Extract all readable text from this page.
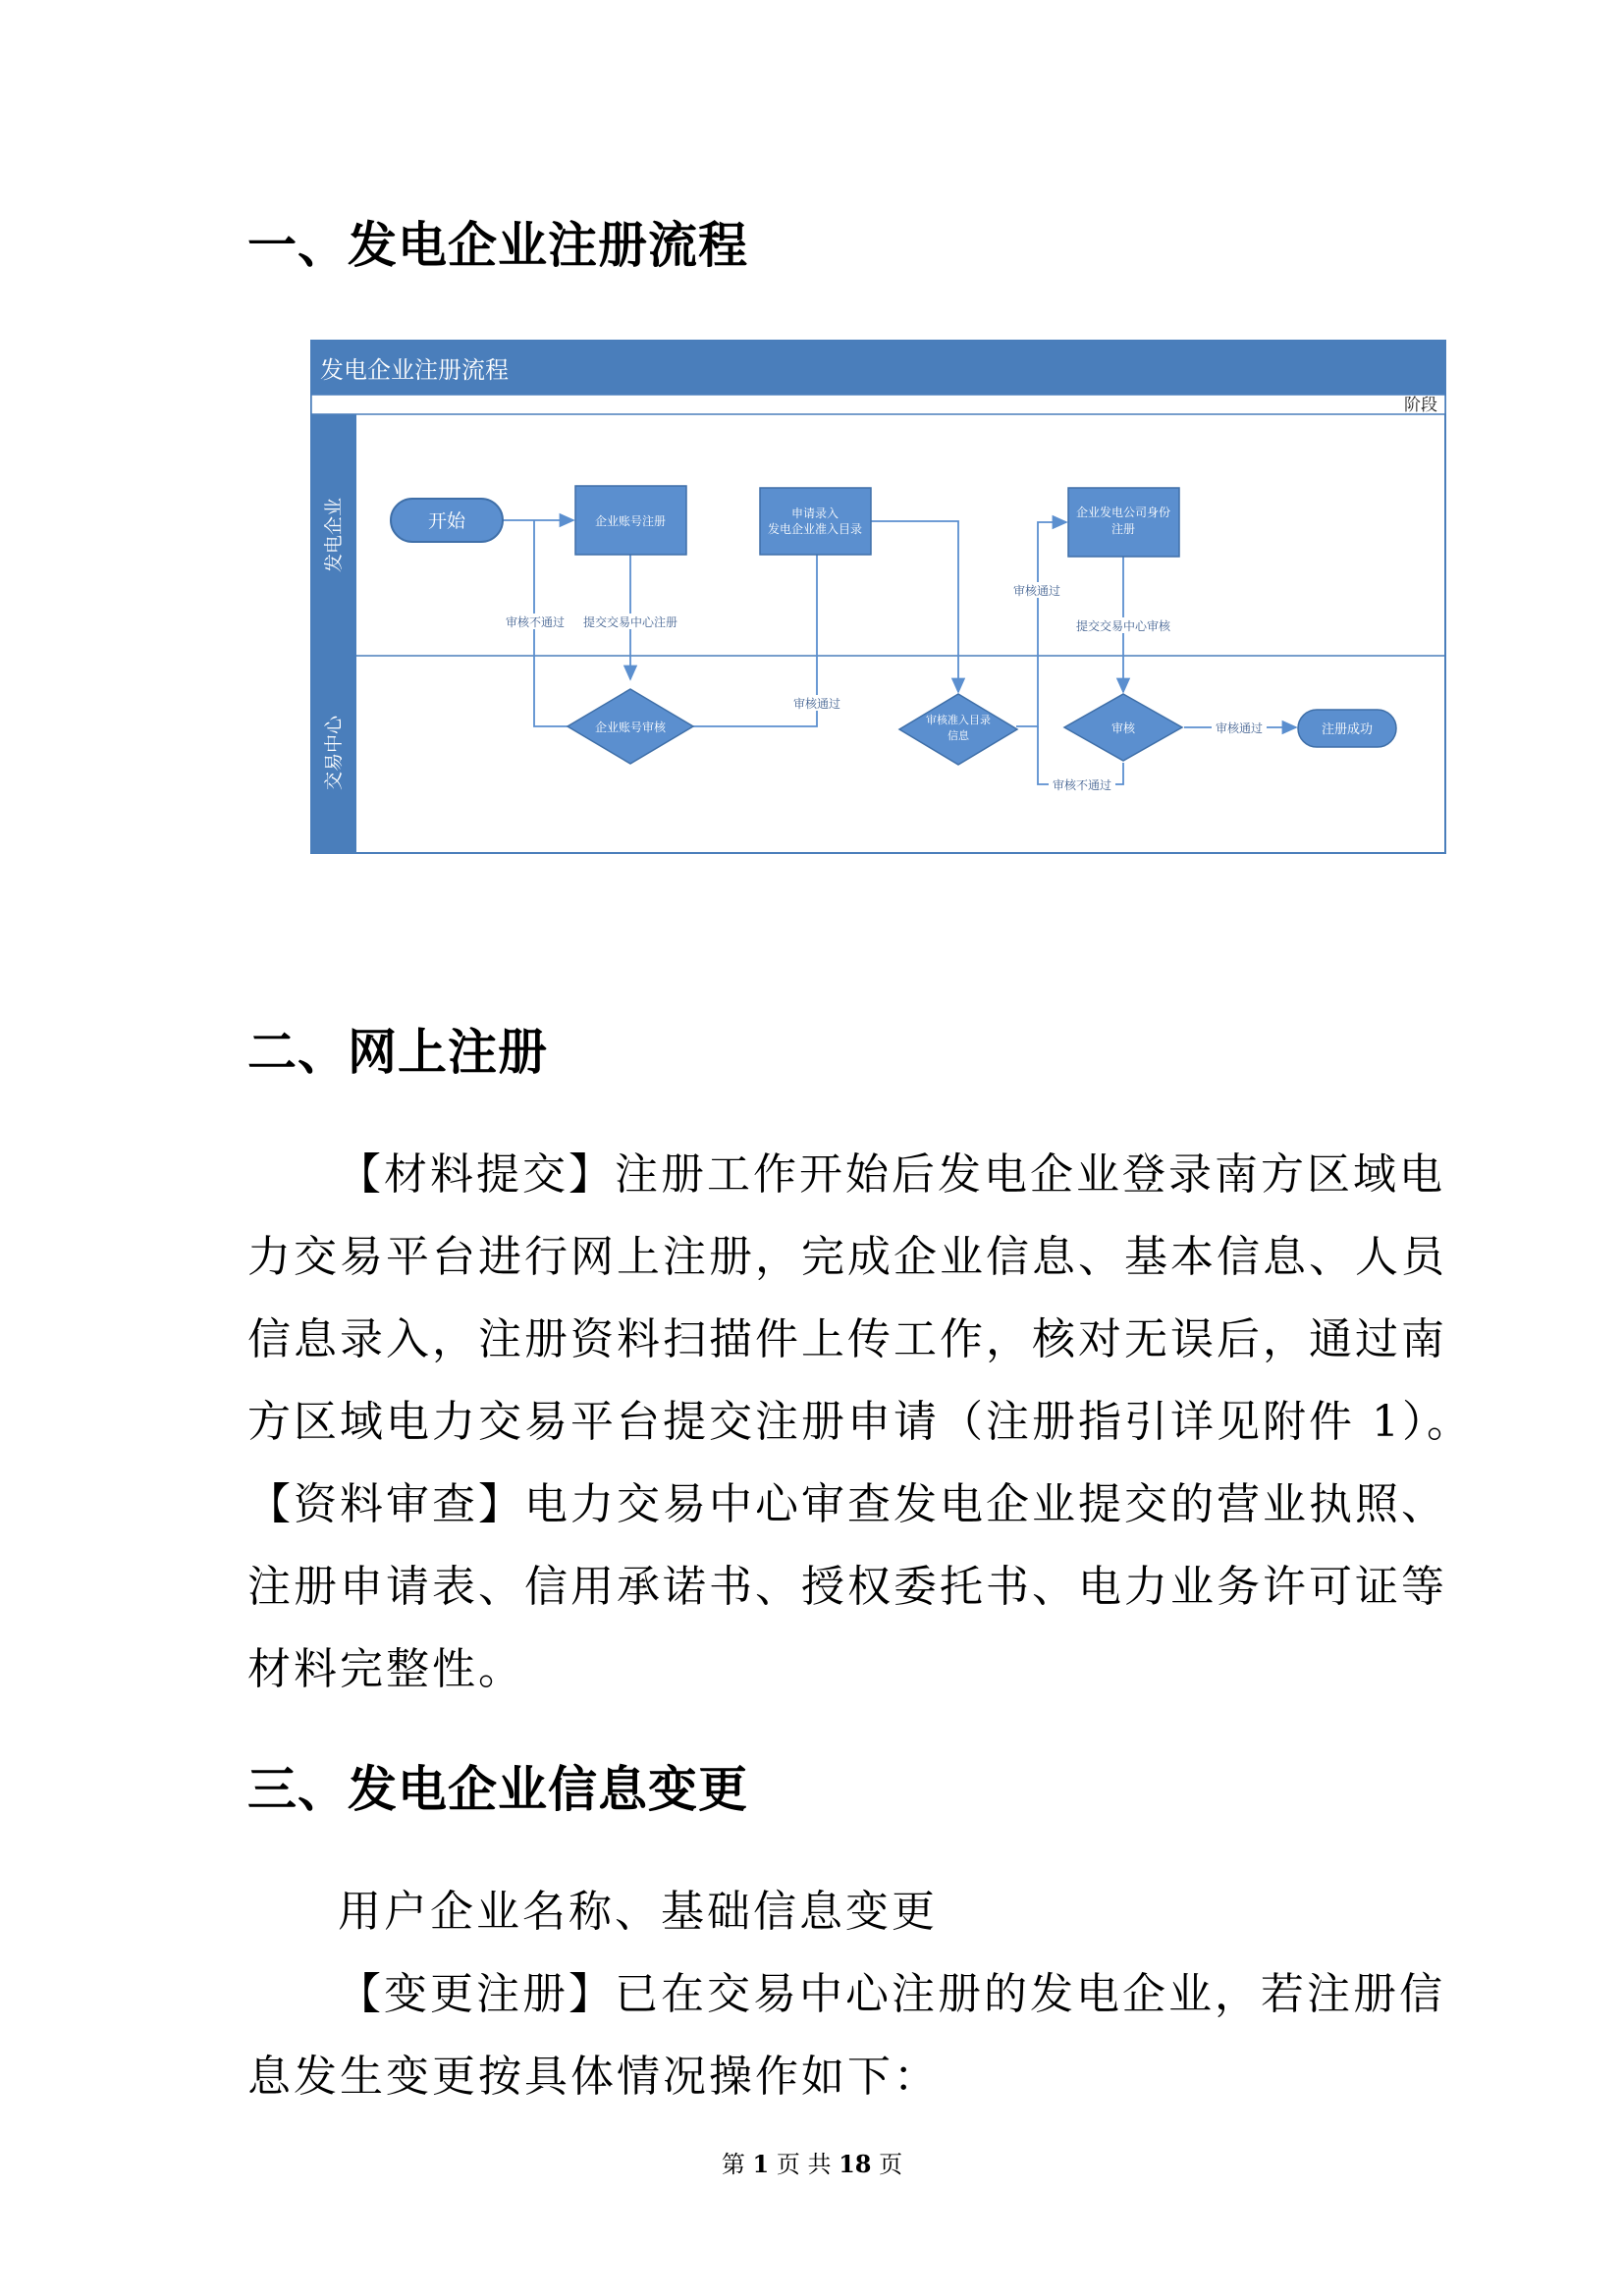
一、发电企业注册流程
发电企业注册流程
阶段
发电企业
交易中心
开始	企业账号注册
申请录入
发电企业准入目录
企业发电公司身份
注册
企业账号审核
审核准入目录
信息
审核	注册成功
审核不通过 提交交易中心注册
审核通过
审核通过
提交交易中心审核
审核通过
审核不通过
二、网上注册

【材料提交】注册工作开始后发电企业登录南方区域电

力交易平台进行网上注册，完成企业信息、基本信息、人员

信息录入，注册资料扫描件上传工作，核对无误后，通过南

方区域电力交易平台提交注册申请（注册指引详见附件 1）。

【资料审查】电力交易中心审查发电企业提交的营业执照、

注册申请表、信用承诺书、授权委托书、电力业务许可证等

材料完整性。

三、发电企业信息变更

用户企业名称、基础信息变更

【变更注册】已在交易中心注册的发电企业，若注册信

息发生变更按具体情况操作如下：

第 1 页 共 18 页
